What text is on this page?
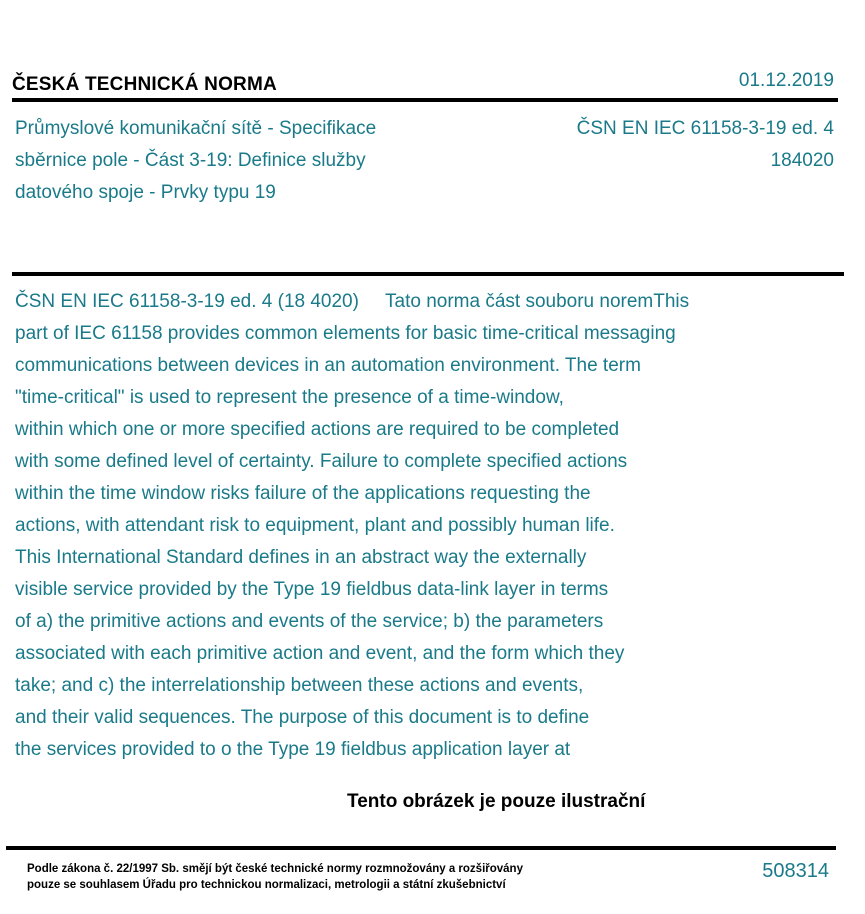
ČESKÁ TECHNICKÁ NORMA	01.12.2019
Průmyslové komunikační sítě - Specifikace
sběrnice pole - Část 3-19: Definice služby
datového spoje - Prvky typu 19
ČSN EN IEC 61158-3-19 ed. 4
184020
ČSN EN IEC 61158-3-19 ed. 4 (18 4020)     Tato norma část souboru noremThis
part of IEC 61158 provides common elements for basic time-critical messaging
communications between devices in an automation environment. The term
"time-critical" is used to represent the presence of a time-window,
within which one or more specified actions are required to be completed
with some defined level of certainty. Failure to complete specified actions
within the time window risks failure of the applications requesting the
actions, with attendant risk to equipment, plant and possibly human life.
This International Standard defines in an abstract way the externally
visible service provided by the Type 19 fieldbus data-link layer in terms
of a) the primitive actions and events of the service; b) the parameters
associated with each primitive action and event, and the form which they
take; and c) the interrelationship between these actions and events,
and their valid sequences. The purpose of this document is to define
the services provided to o the Type 19 fieldbus application layer at
Tento obrázek je pouze ilustrační
Podle zákona č. 22/1997 Sb. smějí být české technické normy rozmnožovány a rozšiřovány
pouze se souhlasem Úřadu pro technickou normalizaci, metrologii a státní zkušebnictví
508314
